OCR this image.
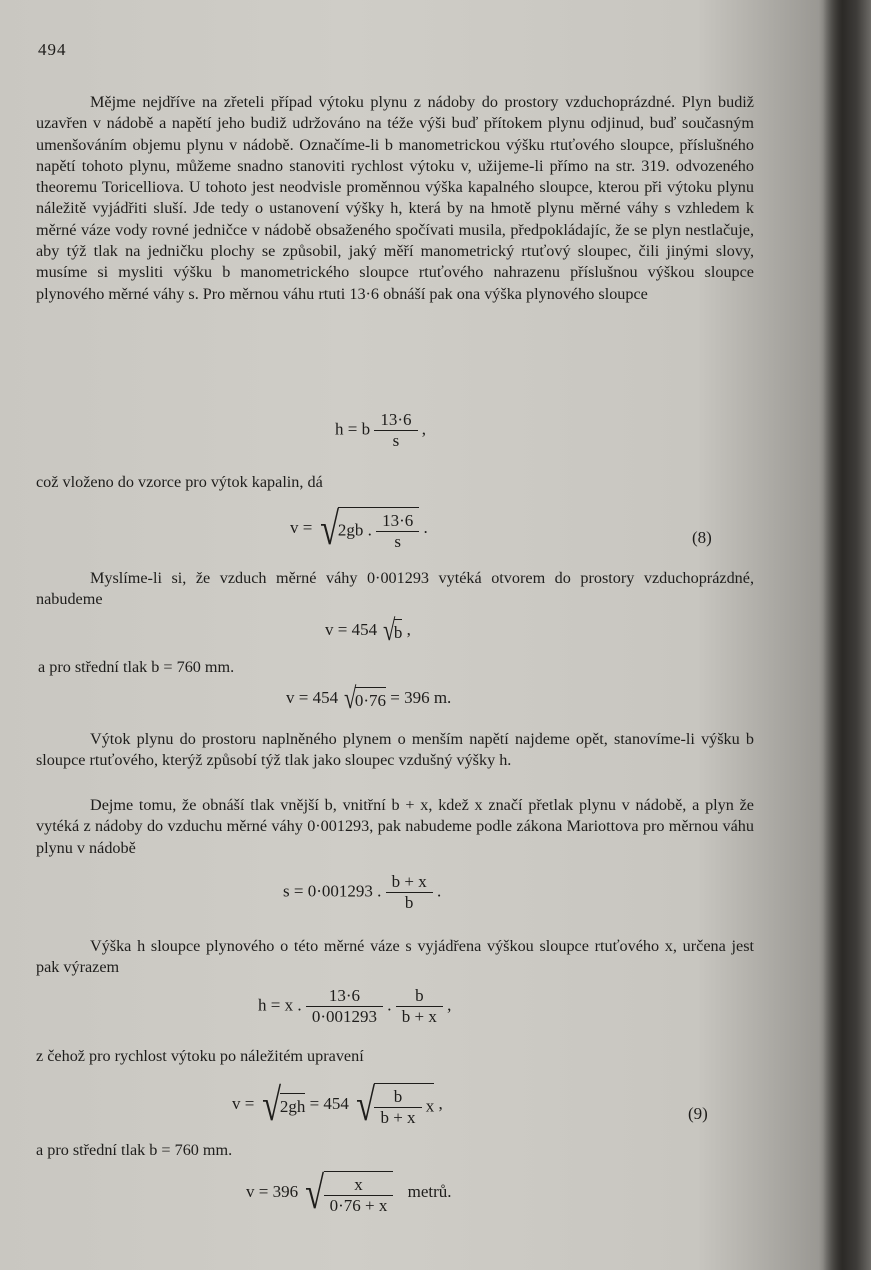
494
Mějme nejdříve na zřeteli případ výtoku plynu z nádoby do prostory vzduchoprázdné. Plyn budiž uzavřen v nádobě a napětí jeho budiž udržováno na téže výši buď přítokem plynu odjinud, buď současným umenšováním objemu plynu v nádobě. Označíme-li b manometrickou výšku rtuťového sloupce, příslušného napětí tohoto plynu, můžeme snadno stanoviti rychlost výtoku v, užijeme-li přímo na str. 319. odvozeného theoremu Toricelliova. U tohoto jest neodvisle proměnnou výška kapalného sloupce, kterou při výtoku plynu náležitě vyjádřiti sluší. Jde tedy o ustanovení výšky h, která by na hmotě plynu měrné váhy s vzhledem k měrné váze vody rovné jedničce v nádobě obsaženého spočívati musila, předpokládajíc, že se plyn nestlačuje, aby týž tlak na jedničku plochy se způsobil, jaký měří manometrický rtuťový sloupec, čili jinými slovy, musíme si mysliti výšku b manometrického sloupce rtuťového nahrazenu příslušnou výškou sloupce plynového měrné váhy s. Pro měrnou váhu rtuti 13·6 obnáší pak ona výška plynového sloupce
h = b $\frac{13\cdot 6}{s}$ ,
což vloženo do vzorce pro výtok kapalin, dá
v = √2gb . $\frac{13\cdot 6}{s}$ .
(8)
Myslíme-li si, že vzduch měrné váhy 0·001293 vytéká otvorem do prostory vzduchoprázdné, nabudeme
v = 454 √b ,
a pro střední tlak b = 760 mm.
v = 454 √0·76 = 396 m.
Výtok plynu do prostoru naplněného plynem o menším napětí najdeme opět, stanovíme-li výšku b sloupce rtuťového, kterýž způsobí týž tlak jako sloupec vzdušný výšky h.
Dejme tomu, že obnáší tlak vnější b, vnitřní b + x, kdež x značí přetlak plynu v nádobě, a plyn že vytéká z nádoby do vzduchu měrné váhy 0·001293, pak nabudeme podle zákona Mariottova pro měrnou váhu plynu v nádobě
s = 0·001293 . $\frac{b + x}{b}$ .
Výška h sloupce plynového o této měrné váze s vyjádřena výškou sloupce rtuťového x, určena jest pak výrazem
h = x . $\frac{13\cdot 6}{0\cdot 001293}$ . $\frac{b}{b + x}$ ,
z čehož pro rychlost výtoku po náležitém upravení
v = √2gh = 454 √ $\frac{b}{b + x}$ x ,
(9)
a pro střední tlak b = 760 mm.
v = 396 √ $\frac{x}{0\cdot 76 + x}$ metrů.
